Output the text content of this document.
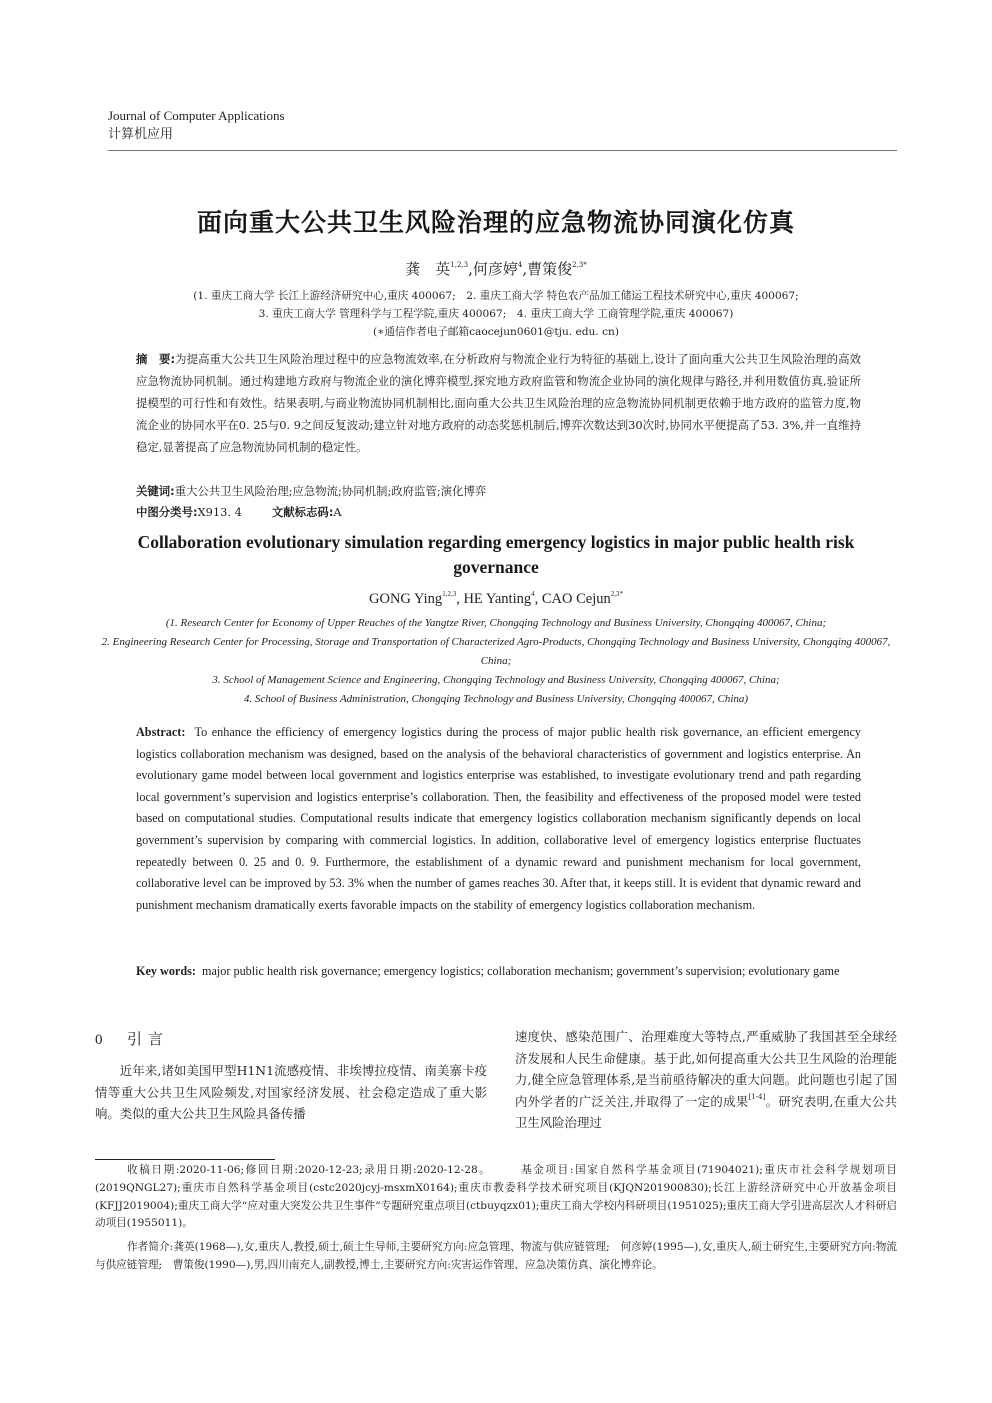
Journal of Computer Applications
计算机应用
面向重大公共卫生风险治理的应急物流协同演化仿真
龚　英$^{1,2,3}$,何彦婷$^4$,曹策俊$^{2,3*}$
(1. 重庆工商大学 长江上游经济研究中心,重庆 400067;　2. 重庆工商大学 特色农产品加工储运工程技术研究中心,重庆 400067;
3. 重庆工商大学 管理科学与工程学院,重庆 400067;　4. 重庆工商大学 工商管理学院,重庆 400067)
(∗通信作者电子邮箱caocejun0601@tju. edu. cn)
摘　要:为提高重大公共卫生风险治理过程中的应急物流效率,在分析政府与物流企业行为特征的基础上,设计了面向重大公共卫生风险治理的高效应急物流协同机制。通过构建地方政府与物流企业的演化博弈模型,探究地方政府监管和物流企业协同的演化规律与路径,并利用数值仿真,验证所提模型的可行性和有效性。结果表明,与商业物流协同机制相比,面向重大公共卫生风险治理的应急物流协同机制更依赖于地方政府的监管力度,物流企业的协同水平在0. 25与0. 9之间反复波动;建立针对地方政府的动态奖惩机制后,博弈次数达到30次时,协同水平便提高了53. 3%,并一直维持稳定,显著提高了应急物流协同机制的稳定性。
关键词:重大公共卫生风险治理;应急物流;协同机制;政府监管;演化博弈
中图分类号:X913. 4	文献标志码:A
Collaboration evolutionary simulation regarding emergency logistics in major public health risk governance
GONG Ying$^{1,2,3}$, HE Yanting$^4$, CAO Cejun$^{2,3*}$
(1. Research Center for Economy of Upper Reaches of the Yangtze River, Chongqing Technology and Business University, Chongqing 400067, China;
2. Engineering Research Center for Processing, Storage and Transportation of Characterized Agro-Products, Chongqing Technology and Business University, Chongqing 400067, China;
3. School of Management Science and Engineering, Chongqing Technology and Business University, Chongqing 400067, China;
4. School of Business Administration, Chongqing Technology and Business University, Chongqing 400067, China)
Abstract: To enhance the efficiency of emergency logistics during the process of major public health risk governance, an efficient emergency logistics collaboration mechanism was designed, based on the analysis of the behavioral characteristics of government and logistics enterprise. An evolutionary game model between local government and logistics enterprise was established, to investigate evolutionary trend and path regarding local government’s supervision and logistics enterprise’s collaboration. Then, the feasibility and effectiveness of the proposed model were tested based on computational studies. Computational results indicate that emergency logistics collaboration mechanism significantly depends on local government’s supervision by comparing with commercial logistics. In addition, collaborative level of emergency logistics enterprise fluctuates repeatedly between 0. 25 and 0. 9. Furthermore, the establishment of a dynamic reward and punishment mechanism for local government, collaborative level can be improved by 53. 3% when the number of games reaches 30. After that, it keeps still. It is evident that dynamic reward and punishment mechanism dramatically exerts favorable impacts on the stability of emergency logistics collaboration mechanism.
Key words: major public health risk governance; emergency logistics; collaboration mechanism; government’s supervision; evolutionary game
0 引言
近年来,诸如美国甲型H1N1流感疫情、非埃博拉疫情、南美寨卡疫情等重大公共卫生风险频发,对国家经济发展、社会稳定造成了重大影响。类似的重大公共卫生风险具备传播
速度快、感染范围广、治理难度大等特点,严重威胁了我国甚至全球经济发展和人民生命健康。基于此,如何提高重大公共卫生风险的治理能力,健全应急管理体系,是当前亟待解决的重大问题。此问题也引起了国内外学者的广泛关注,并取得了一定的成果[1-4]。研究表明,在重大公共卫生风险治理过
收稿日期:2020-11-06;修回日期:2020-12-23;录用日期:2020-12-28。	基金项目:国家自然科学基金项目(71904021);重庆市社会科学规划项目(2019QNGL27);重庆市自然科学基金项目(cstc2020jcyj-msxmX0164);重庆市教委科学技术研究项目(KJQN201900830);长江上游经济研究中心开放基金项目(KFJJ2019004);重庆工商大学“应对重大突发公共卫生事件”专题研究重点项目(ctbuyqzx01);重庆工商大学校内科研项目(1951025);重庆工商大学引进高层次人才科研启动项目(1955011)。
作者简介:龚英(1968—),女,重庆人,教授,硕士,硕士生导师,主要研究方向:应急管理、物流与供应链管理;　何彦婷(1995—),女,重庆人,硕士研究生,主要研究方向:物流与供应链管理;　曹策俊(1990—),男,四川南充人,副教授,博士,主要研究方向:灾害运作管理、应急决策仿真、演化博弈论。
